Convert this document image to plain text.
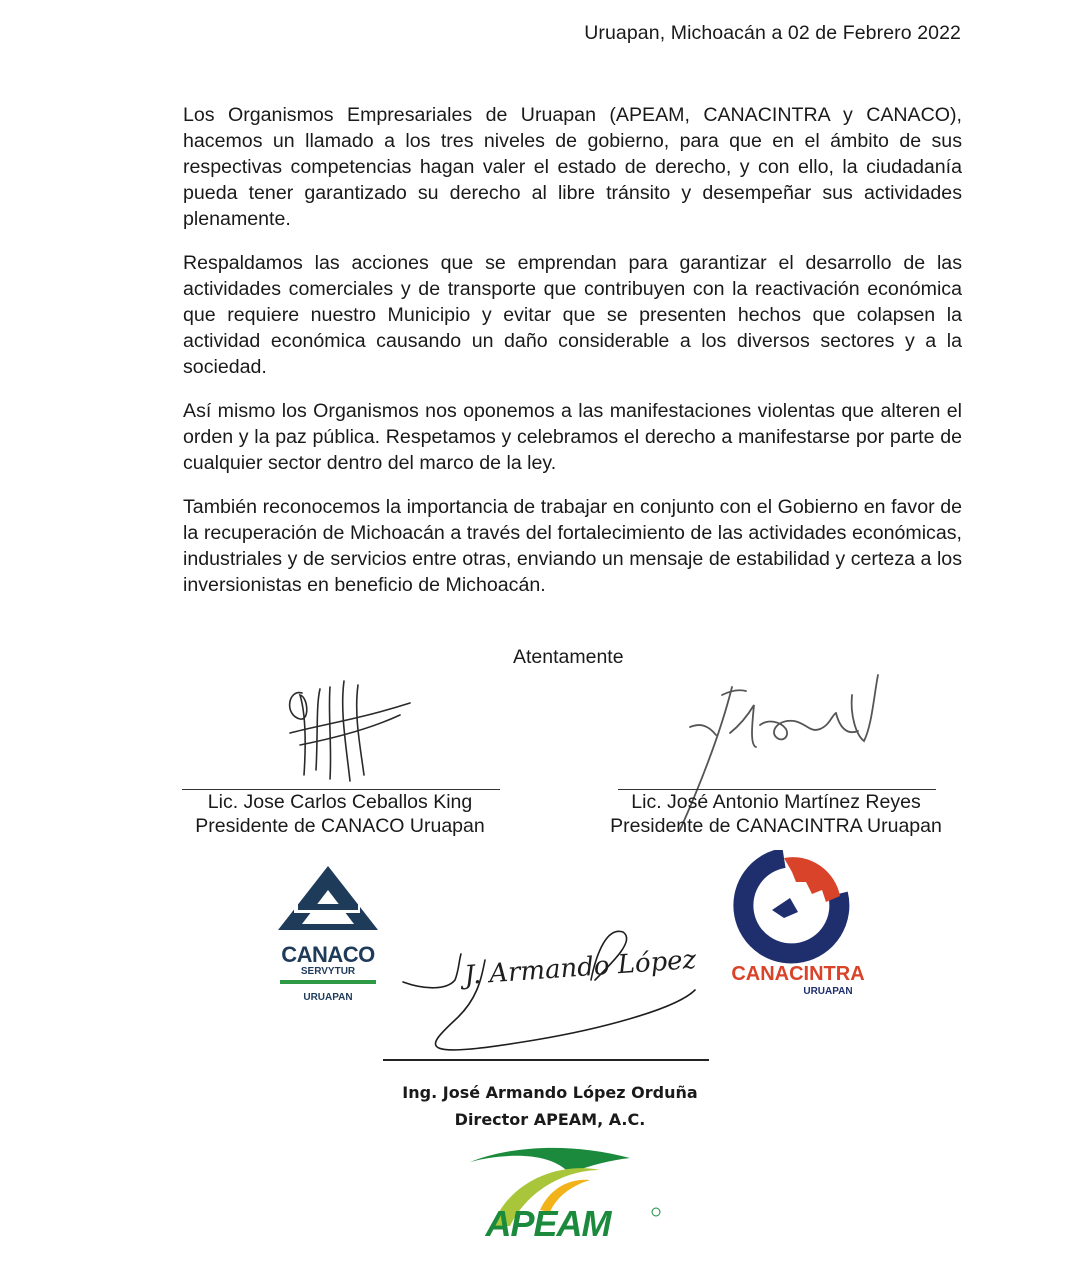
Uruapan, Michoacán a 02 de Febrero 2022

Los Organismos Empresariales de Uruapan (APEAM, CANACINTRA y CANACO), hacemos un llamado a los tres niveles de gobierno, para que en el ámbito de sus respectivas competencias hagan valer el estado de derecho, y con ello, la ciudadanía pueda tener garantizado su derecho al libre tránsito y desempeñar sus actividades plenamente.

Respaldamos las acciones que se emprendan para garantizar el desarrollo de las actividades comerciales y de transporte que contribuyen con la reactivación económica que requiere nuestro Municipio y evitar que se presenten hechos que colapsen la actividad económica causando un daño considerable a los diversos sectores y a la sociedad.

Así mismo los Organismos nos oponemos a las manifestaciones violentas que alteren el orden y la paz pública. Respetamos y celebramos el derecho a manifestarse por parte de cualquier sector dentro del marco de la ley.

También reconocemos la importancia de trabajar en conjunto con el Gobierno en favor de la recuperación de Michoacán a través del fortalecimiento de las actividades económicas, industriales y de servicios entre otras, enviando un mensaje de estabilidad y certeza a los inversionistas en beneficio de Michoacán.

Atentamente
Lic. Jose Carlos Ceballos King
Presidente de CANACO Uruapan
Lic. José Antonio Martínez Reyes
Presidente de CANACINTRA Uruapan
CANACO
SERVYTUR
URUAPAN
CANACINTRA
URUAPAN
J. Armando López
Ing. José Armando López Orduña
Director APEAM, A.C.
APEAM
